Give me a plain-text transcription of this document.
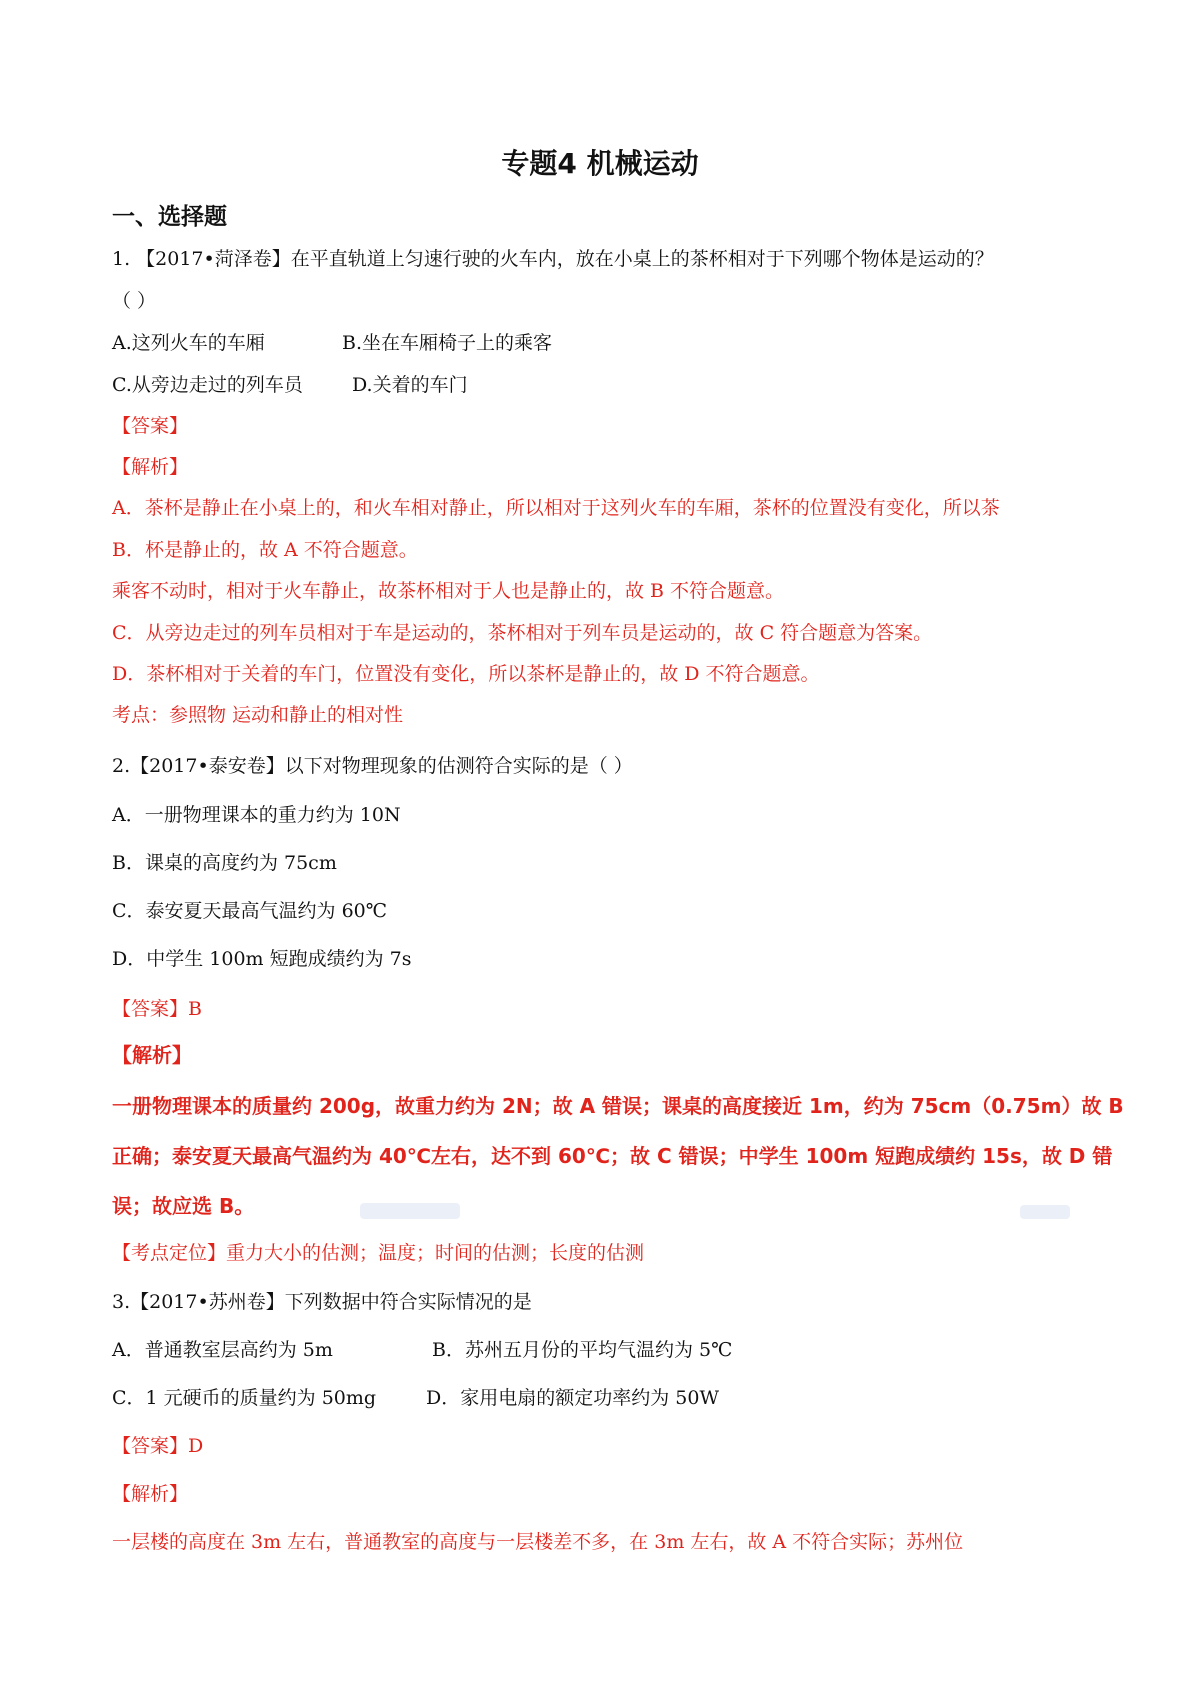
专题4 机械运动
一、选择题
1. 【2017•菏泽卷】在平直轨道上匀速行驶的火车内，放在小桌上的茶杯相对于下列哪个物体是运动的？
（ ）
A.这列火车的车厢	B.坐在车厢椅子上的乘客
C.从旁边走过的列车员	D.关着的车门
【答案】
【解析】
A．茶杯是静止在小桌上的，和火车相对静止，所以相对于这列火车的车厢，茶杯的位置没有变化，所以茶
B．杯是静止的，故 A 不符合题意。
乘客不动时，相对于火车静止，故茶杯相对于人也是静止的，故 B 不符合题意。
C．从旁边走过的列车员相对于车是运动的，茶杯相对于列车员是运动的，故 C 符合题意为答案。
D．茶杯相对于关着的车门，位置没有变化，所以茶杯是静止的，故 D 不符合题意。
考点：参照物 运动和静止的相对性
2.【2017•泰安卷】以下对物理现象的估测符合实际的是（ ）
A．一册物理课本的重力约为 10N
B．课桌的高度约为 75cm
C．泰安夏天最高气温约为 60℃
D．中学生 100m 短跑成绩约为 7s
【答案】B
【解析】
一册物理课本的质量约 200g，故重力约为 2N；故 A 错误；课桌的高度接近 1m，约为 75cm（0.75m）故 B
正确；泰安夏天最高气温约为 40℃左右，达不到 60℃；故 C 错误；中学生 100m 短跑成绩约 15s，故 D 错
误；故应选 B。
【考点定位】重力大小的估测；温度；时间的估测；长度的估测
3.【2017•苏州卷】下列数据中符合实际情况的是
A．普通教室层高约为 5m	B．苏州五月份的平均气温约为 5℃
C．1 元硬币的质量约为 50mg	D．家用电扇的额定功率约为 50W
【答案】D
【解析】
一层楼的高度在 3m 左右，普通教室的高度与一层楼差不多，在 3m 左右，故 A 不符合实际；苏州位
